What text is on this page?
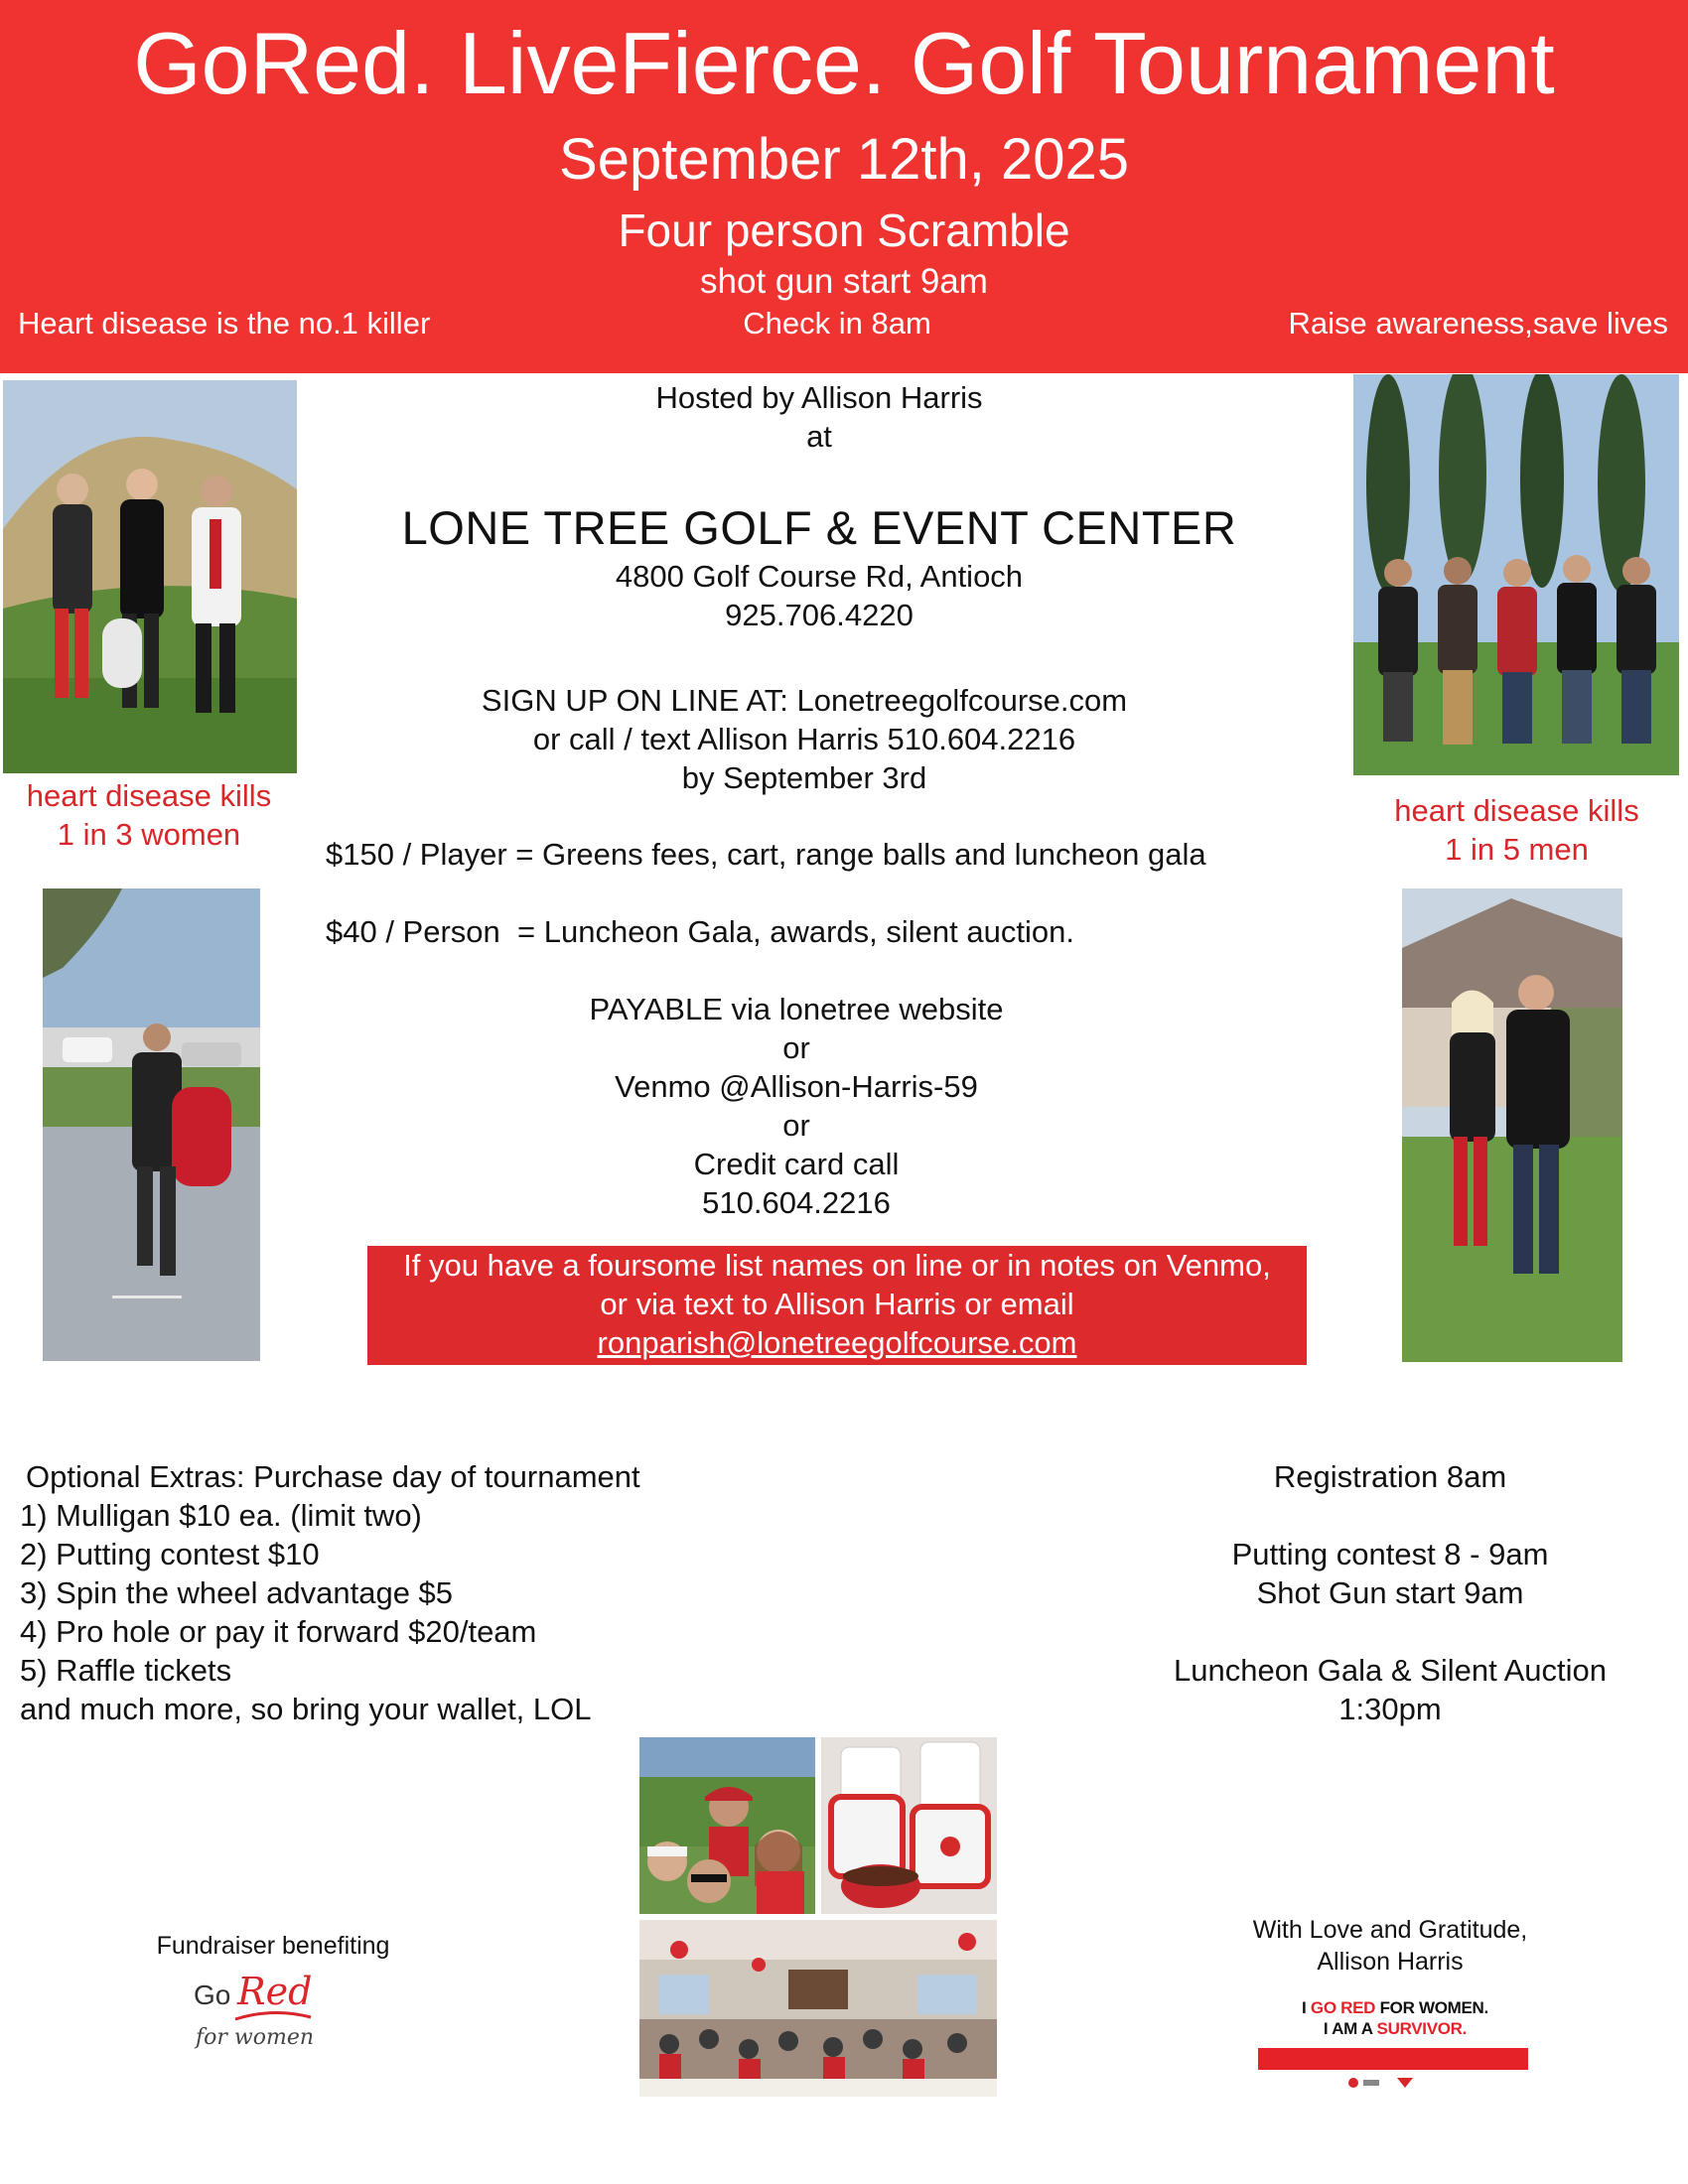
GoRed. LiveFierce. Golf Tournament
September 12th, 2025
Four person Scramble
shot gun start 9am
Heart disease is the no.1 killer	Check in 8am	Raise awareness,save lives
heart disease kills
1 in 3 women
heart disease kills
1 in 5 men
Hosted by Allison Harris
at
LONE TREE GOLF & EVENT CENTER
4800 Golf Course Rd, Antioch
925.706.4220
SIGN UP ON LINE AT: Lonetreegolfcourse.com
or call / text Allison Harris 510.604.2216
by September 3rd
$150 / Player = Greens fees, cart, range balls and luncheon gala
$40 / Person  = Luncheon Gala, awards, silent auction.
PAYABLE via lonetree website
or
Venmo @Allison-Harris-59
or
Credit card call
510.604.2216
If you have a foursome list names on line or in notes on Venmo,
or via text to Allison Harris or email
ronparish@lonetreegolfcourse.com
Optional Extras: Purchase day of tournament
1) Mulligan $10 ea. (limit two)
2) Putting contest $10
3) Spin the wheel advantage $5
4) Pro hole or pay it forward $20/team
5) Raffle tickets
and much more, so bring your wallet, LOL
Registration 8am
Putting contest 8 - 9am
Shot Gun start 9am
Luncheon Gala & Silent Auction
1:30pm
Fundraiser benefiting
Go Red
for women
With Love and Gratitude,
Allison Harris
I GO RED FOR WOMEN.
I AM A SURVIVOR.
